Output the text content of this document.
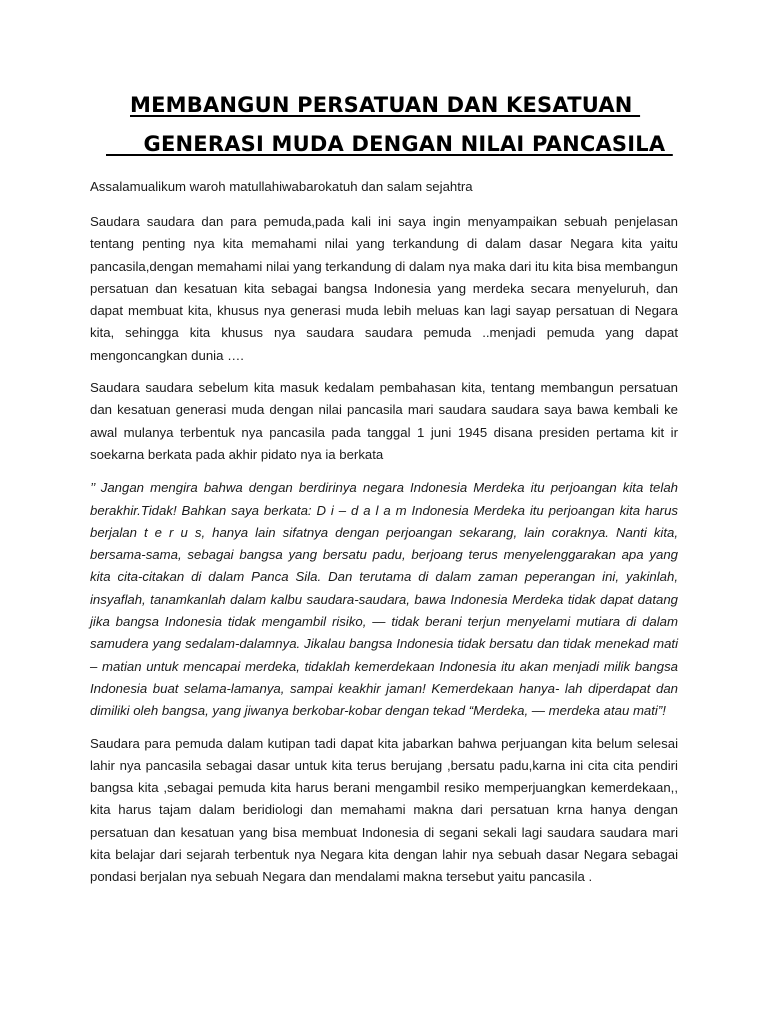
MEMBANGUN PERSATUAN DAN KESATUAN
GENERASI MUDA DENGAN NILAI PANCASILA

Assalamualikum waroh matullahiwabarokatuh dan salam sejahtra

Saudara saudara dan para pemuda,pada kali ini saya ingin menyampaikan sebuah penjelasan tentang penting nya kita memahami nilai yang terkandung di dalam dasar Negara kita yaitu pancasila,dengan memahami nilai yang terkandung di dalam nya maka dari itu kita bisa membangun persatuan dan kesatuan kita sebagai bangsa Indonesia yang merdeka secara menyeluruh, dan dapat membuat kita, khusus nya generasi muda lebih meluas kan lagi sayap persatuan di Negara kita, sehingga kita khusus nya saudara saudara pemuda ..menjadi pemuda yang dapat mengoncangkan dunia ….

Saudara saudara sebelum kita masuk kedalam pembahasan kita, tentang membangun persatuan dan kesatuan generasi muda dengan nilai pancasila mari saudara saudara saya bawa kembali ke awal mulanya terbentuk nya pancasila pada tanggal 1 juni 1945 disana presiden pertama kit ir soekarna berkata pada akhir pidato nya ia berkata

’’ Jangan mengira bahwa dengan berdirinya negara Indonesia Merdeka itu perjoangan kita telah berakhir.Tidak! Bahkan saya berkata: D i – d a l a m Indonesia Merdeka itu perjoangan kita harus berjalan t e r u s, hanya lain sifatnya dengan perjoangan sekarang, lain coraknya. Nanti kita, bersama-sama, sebagai bangsa yang bersatu padu, berjoang terus menyelenggarakan apa yang kita cita-citakan di dalam Panca Sila. Dan terutama di dalam zaman peperangan ini, yakinlah, insyaflah, tanamkanlah dalam kalbu saudara-saudara, bawa Indonesia Merdeka tidak dapat datang jika bangsa Indonesia tidak mengambil risiko, — tidak berani terjun menyelami mutiara di dalam samudera yang sedalam-dalamnya. Jikalau bangsa Indonesia tidak bersatu dan tidak menekad mati – matian untuk mencapai merdeka, tidaklah kemerdekaan Indonesia itu akan menjadi milik bangsa Indonesia buat selama-lamanya, sampai keakhir jaman! Kemerdekaan hanya- lah diperdapat dan dimiliki oleh bangsa, yang jiwanya berkobar-kobar dengan tekad “Merdeka, — merdeka atau mati”!

Saudara para pemuda dalam kutipan tadi dapat kita jabarkan bahwa perjuangan kita belum selesai lahir nya pancasila sebagai dasar untuk kita terus berujang ,bersatu padu,karna ini cita cita pendiri bangsa kita ,sebagai pemuda kita harus berani mengambil resiko memperjuangkan kemerdekaan,, kita harus tajam dalam beridiologi dan memahami makna dari persatuan krna hanya dengan persatuan dan kesatuan yang bisa membuat Indonesia di segani sekali lagi saudara saudara mari kita belajar dari sejarah terbentuk nya Negara kita dengan lahir nya sebuah dasar Negara sebagai pondasi berjalan nya sebuah Negara dan mendalami makna tersebut yaitu pancasila .
